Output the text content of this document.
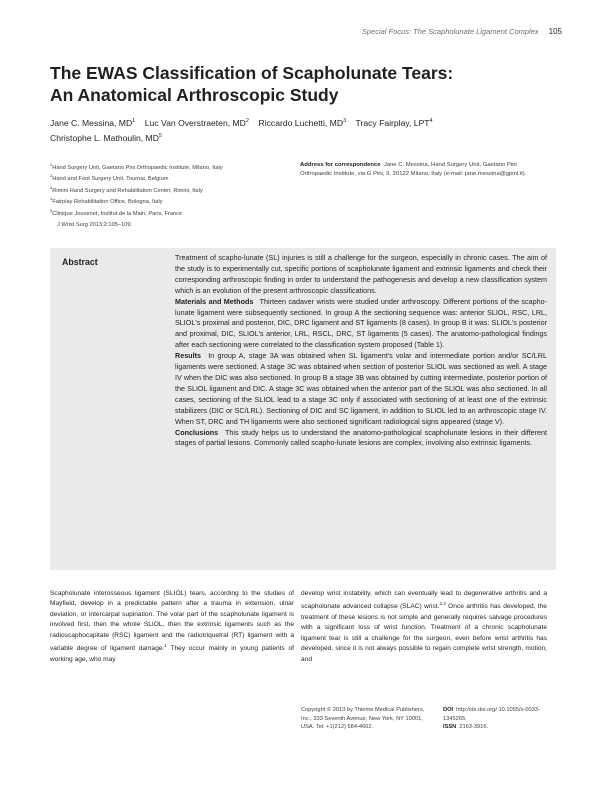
Special Focus: The Scapholunate Ligament Complex 105
The EWAS Classification of Scapholunate Tears:
An Anatomical Arthroscopic Study
Jane C. Messina, $MD^1$ Luc Van Overstraeten, $MD^2$ Riccardo Luchetti, $MD^3$ Tracy Fairplay, LPT$^4$
Christophe L. Mathoulin, $MD^5$
$^1$Hand Surgery Unit, Gaetano Pini Orthopaedic Institute, Milano, Italy
$^2$Hand and Foot Surgery Unit, Tournai, Belgium
$^3$Rimini Hand Surgery and Rehabilitation Center, Rimini, Italy
$^4$Fairplay Rehabilitation Office, Bologna, Italy
$^5$Clinique Jouvenet, Institut de la Main, Paris, France
Address for correspondence Jane C. Messina, Hand Surgery Unit, Gaetano Pini Orthopaedic Institute, via G Pini, 9, 20122 Milano, Italy (e-mail: jane.messina@gpini.it).
J Wrist Surg 2013;2:105–109.
Abstract	Treatment of scapho-lunate (SL) injuries is still a challenge for the surgeon, especially in chronic cases. The aim of the study is to experimentally cut, specific portions of scapholunate ligament and extrinsic ligaments and check their corresponding arthroscopic finding in order to understand the pathogenesis and develop a new classification system which is an evolution of the present arthroscopic classifications.

Materials and Methods Thirteen cadaver wrists were studied under arthroscopy. Different portions of the scapho-lunate ligament were subsequently sectioned. In group A the sectioning sequence was: anterior SLIOL, RSC, LRL, SLIOL's proximal and posterior, DIC, DRC ligament and ST ligaments (8 cases). In group B it was: SLIOL's posterior and proximal, DIC, SLIOL's anterior, LRL, RSCL, DRC, ST ligaments (5 cases). The anatomo-pathological findings after each sectioning were correlated to the classification system proposed (Table 1).

Results In group A, stage 3A was obtained when SL ligament's volar and intermediate portion and/or SC/LRL ligaments were sectioned. A stage 3C was obtained when section of posterior SLIOL was sectioned as well. A stage IV when the DIC was also sectioned. In group B a stage 3B was obtained by cutting intermediate, posterior portion of the SLIOL ligament and DIC. A stage 3C was obtained when the anterior part of the SLIOL was also sectioned. In all cases, sectioning of the SLIOL lead to a stage 3C only if associated with sectioning of at least one of the extrinsic stabilizers (DIC or SC/LRL). Sectioning of DIC and SC ligament, in addition to SLIOL led to an arthroscopic stage IV. When ST, DRC and TH ligaments were also sectioned significant radiological signs appeared (stage V).

Conclusions This study helps us to understand the anatomo-pathological scapholunate lesions in their different stages of partial lesions. Commonly called scapho-lunate lesions are complex, involving also extrinsic ligaments.

Scapholunate interosseous ligament (SLIOL) tears, according to the studies of Mayfield, develop in a predictable pattern after a trauma in extension, ulnar deviation, or intercarpal supination. The volar part of the scapholunate ligament is involved first, then the whole SLIOL, then the extrinsic ligaments such as the radioscaphocapitate (RSC) ligament and the radiotriquetral (RT) ligament with a variable degree of ligament damage.$^1$ They occur mainly in young patients of working age, who may

develop wrist instability, which can eventually lead to degenerative arthritis and a scapholunate advanced collapse (SLAC) wrist.$^{2,3}$ Once arthritis has developed, the treatment of these lesions is not simple and generally requires salvage procedures with a significant loss of wrist function. Treatment of a chronic scapholunate ligament tear is still a challenge for the surgeon, even before wrist arthritis has developed, since it is not always possible to regain complete wrist strength, motion, and

Copyright © 2013 by Thieme Medical Publishers, Inc., 333 Seventh Avenue, New York, NY 10001, USA. Tel: +1(212) 584-4662.
DOI http://dx.doi.org/ 10.1055/s-0033-1345265.
ISSN 2163-3916.
